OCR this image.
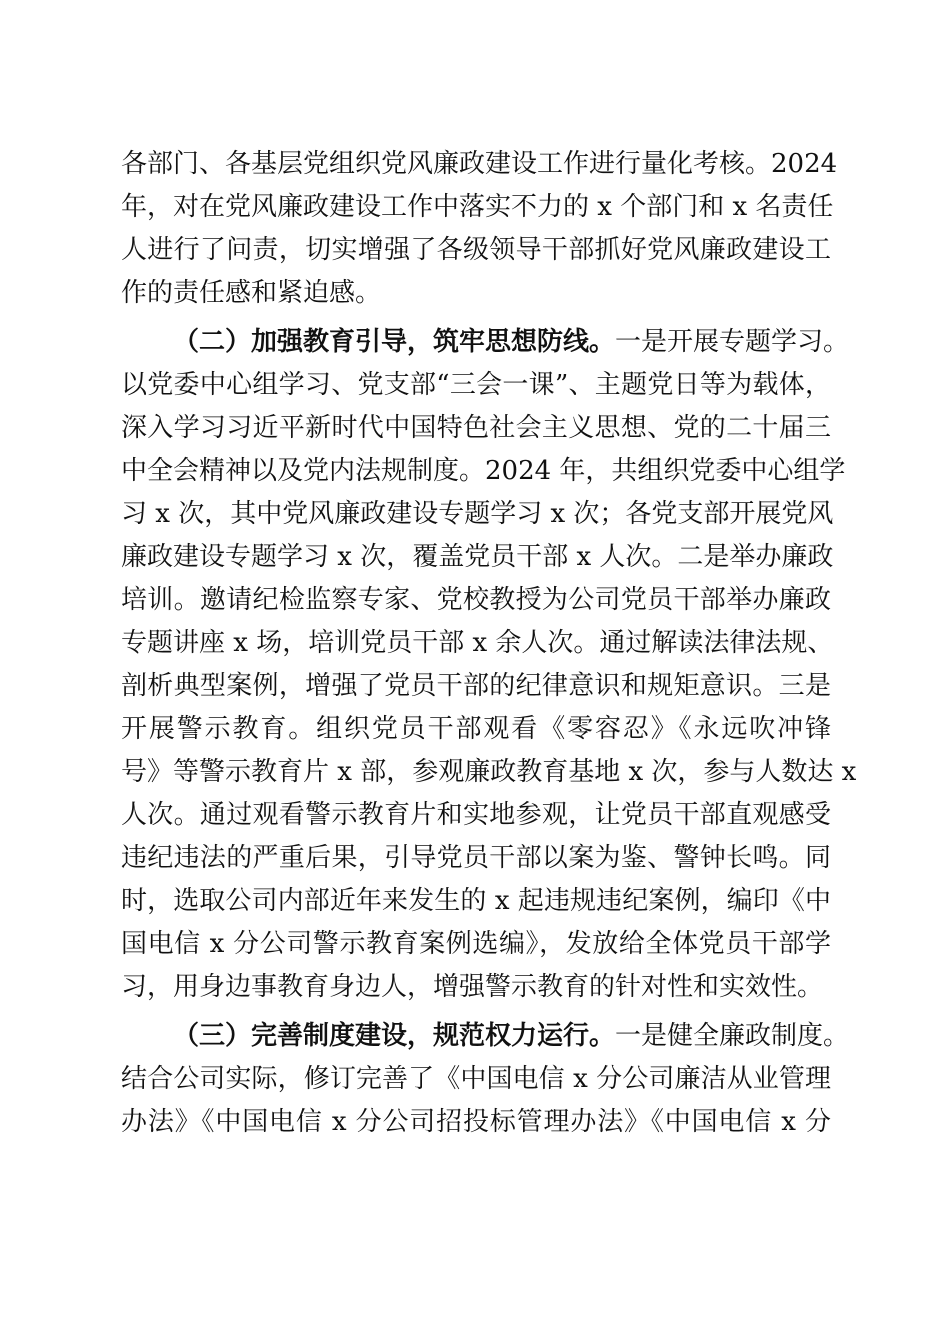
各部门、各基层党组织党风廉政建设工作进行量化考核。2024
年，对在党风廉政建设工作中落实不力的 x 个部门和 x 名责任
人进行了问责，切实增强了各级领导干部抓好党风廉政建设工
作的责任感和紧迫感。
（二）加强教育引导，筑牢思想防线。一是开展专题学习。
以党委中心组学习、党支部“三会一课”、主题党日等为载体，
深入学习习近平新时代中国特色社会主义思想、党的二十届三
中全会精神以及党内法规制度。2024 年，共组织党委中心组学
习 x 次，其中党风廉政建设专题学习 x 次；各党支部开展党风
廉政建设专题学习 x 次，覆盖党员干部 x 人次。二是举办廉政
培训。邀请纪检监察专家、党校教授为公司党员干部举办廉政
专题讲座 x 场，培训党员干部 x 余人次。通过解读法律法规、
剖析典型案例，增强了党员干部的纪律意识和规矩意识。三是
开展警示教育。组织党员干部观看《零容忍》《永远吹冲锋
号》等警示教育片 x 部，参观廉政教育基地 x 次，参与人数达 x
人次。通过观看警示教育片和实地参观，让党员干部直观感受
违纪违法的严重后果，引导党员干部以案为鉴、警钟长鸣。同
时，选取公司内部近年来发生的 x 起违规违纪案例，编印《中
国电信 x 分公司警示教育案例选编》，发放给全体党员干部学
习，用身边事教育身边人，增强警示教育的针对性和实效性。
（三）完善制度建设，规范权力运行。一是健全廉政制度。
结合公司实际，修订完善了《中国电信 x 分公司廉洁从业管理
办法》《中国电信 x 分公司招投标管理办法》《中国电信 x 分
